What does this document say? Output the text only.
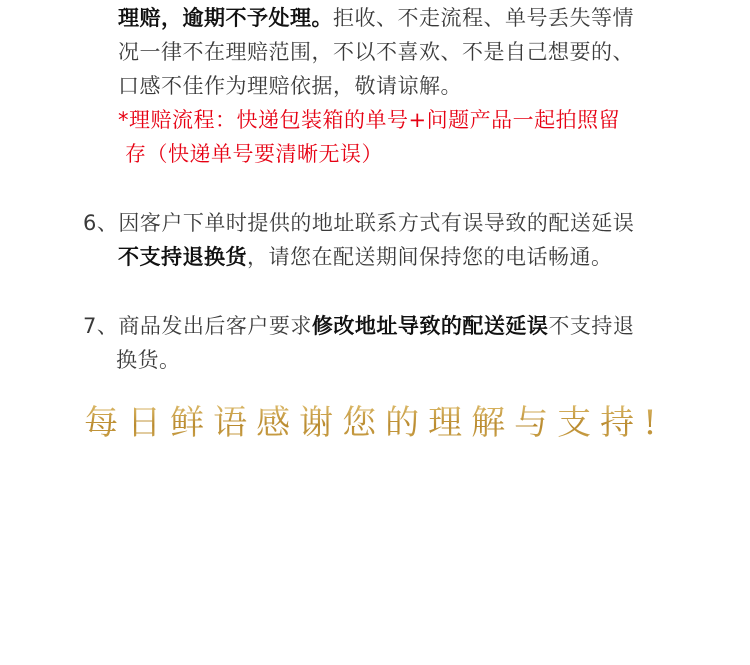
理赔，逾期不予处理。拒收、不走流程、单号丢失等情
况一律不在理赔范围，不以不喜欢、不是自己想要的、
口感不佳作为理赔依据，敬请谅解。
*理赔流程：快递包装箱的单号+问题产品一起拍照留
存（快递单号要清晰无误）
6、因客户下单时提供的地址联系方式有误导致的配送延误
不支持退换货，请您在配送期间保持您的电话畅通。
7、商品发出后客户要求修改地址导致的配送延误不支持退
换货。
每日鲜语感谢您的理解与支持!
